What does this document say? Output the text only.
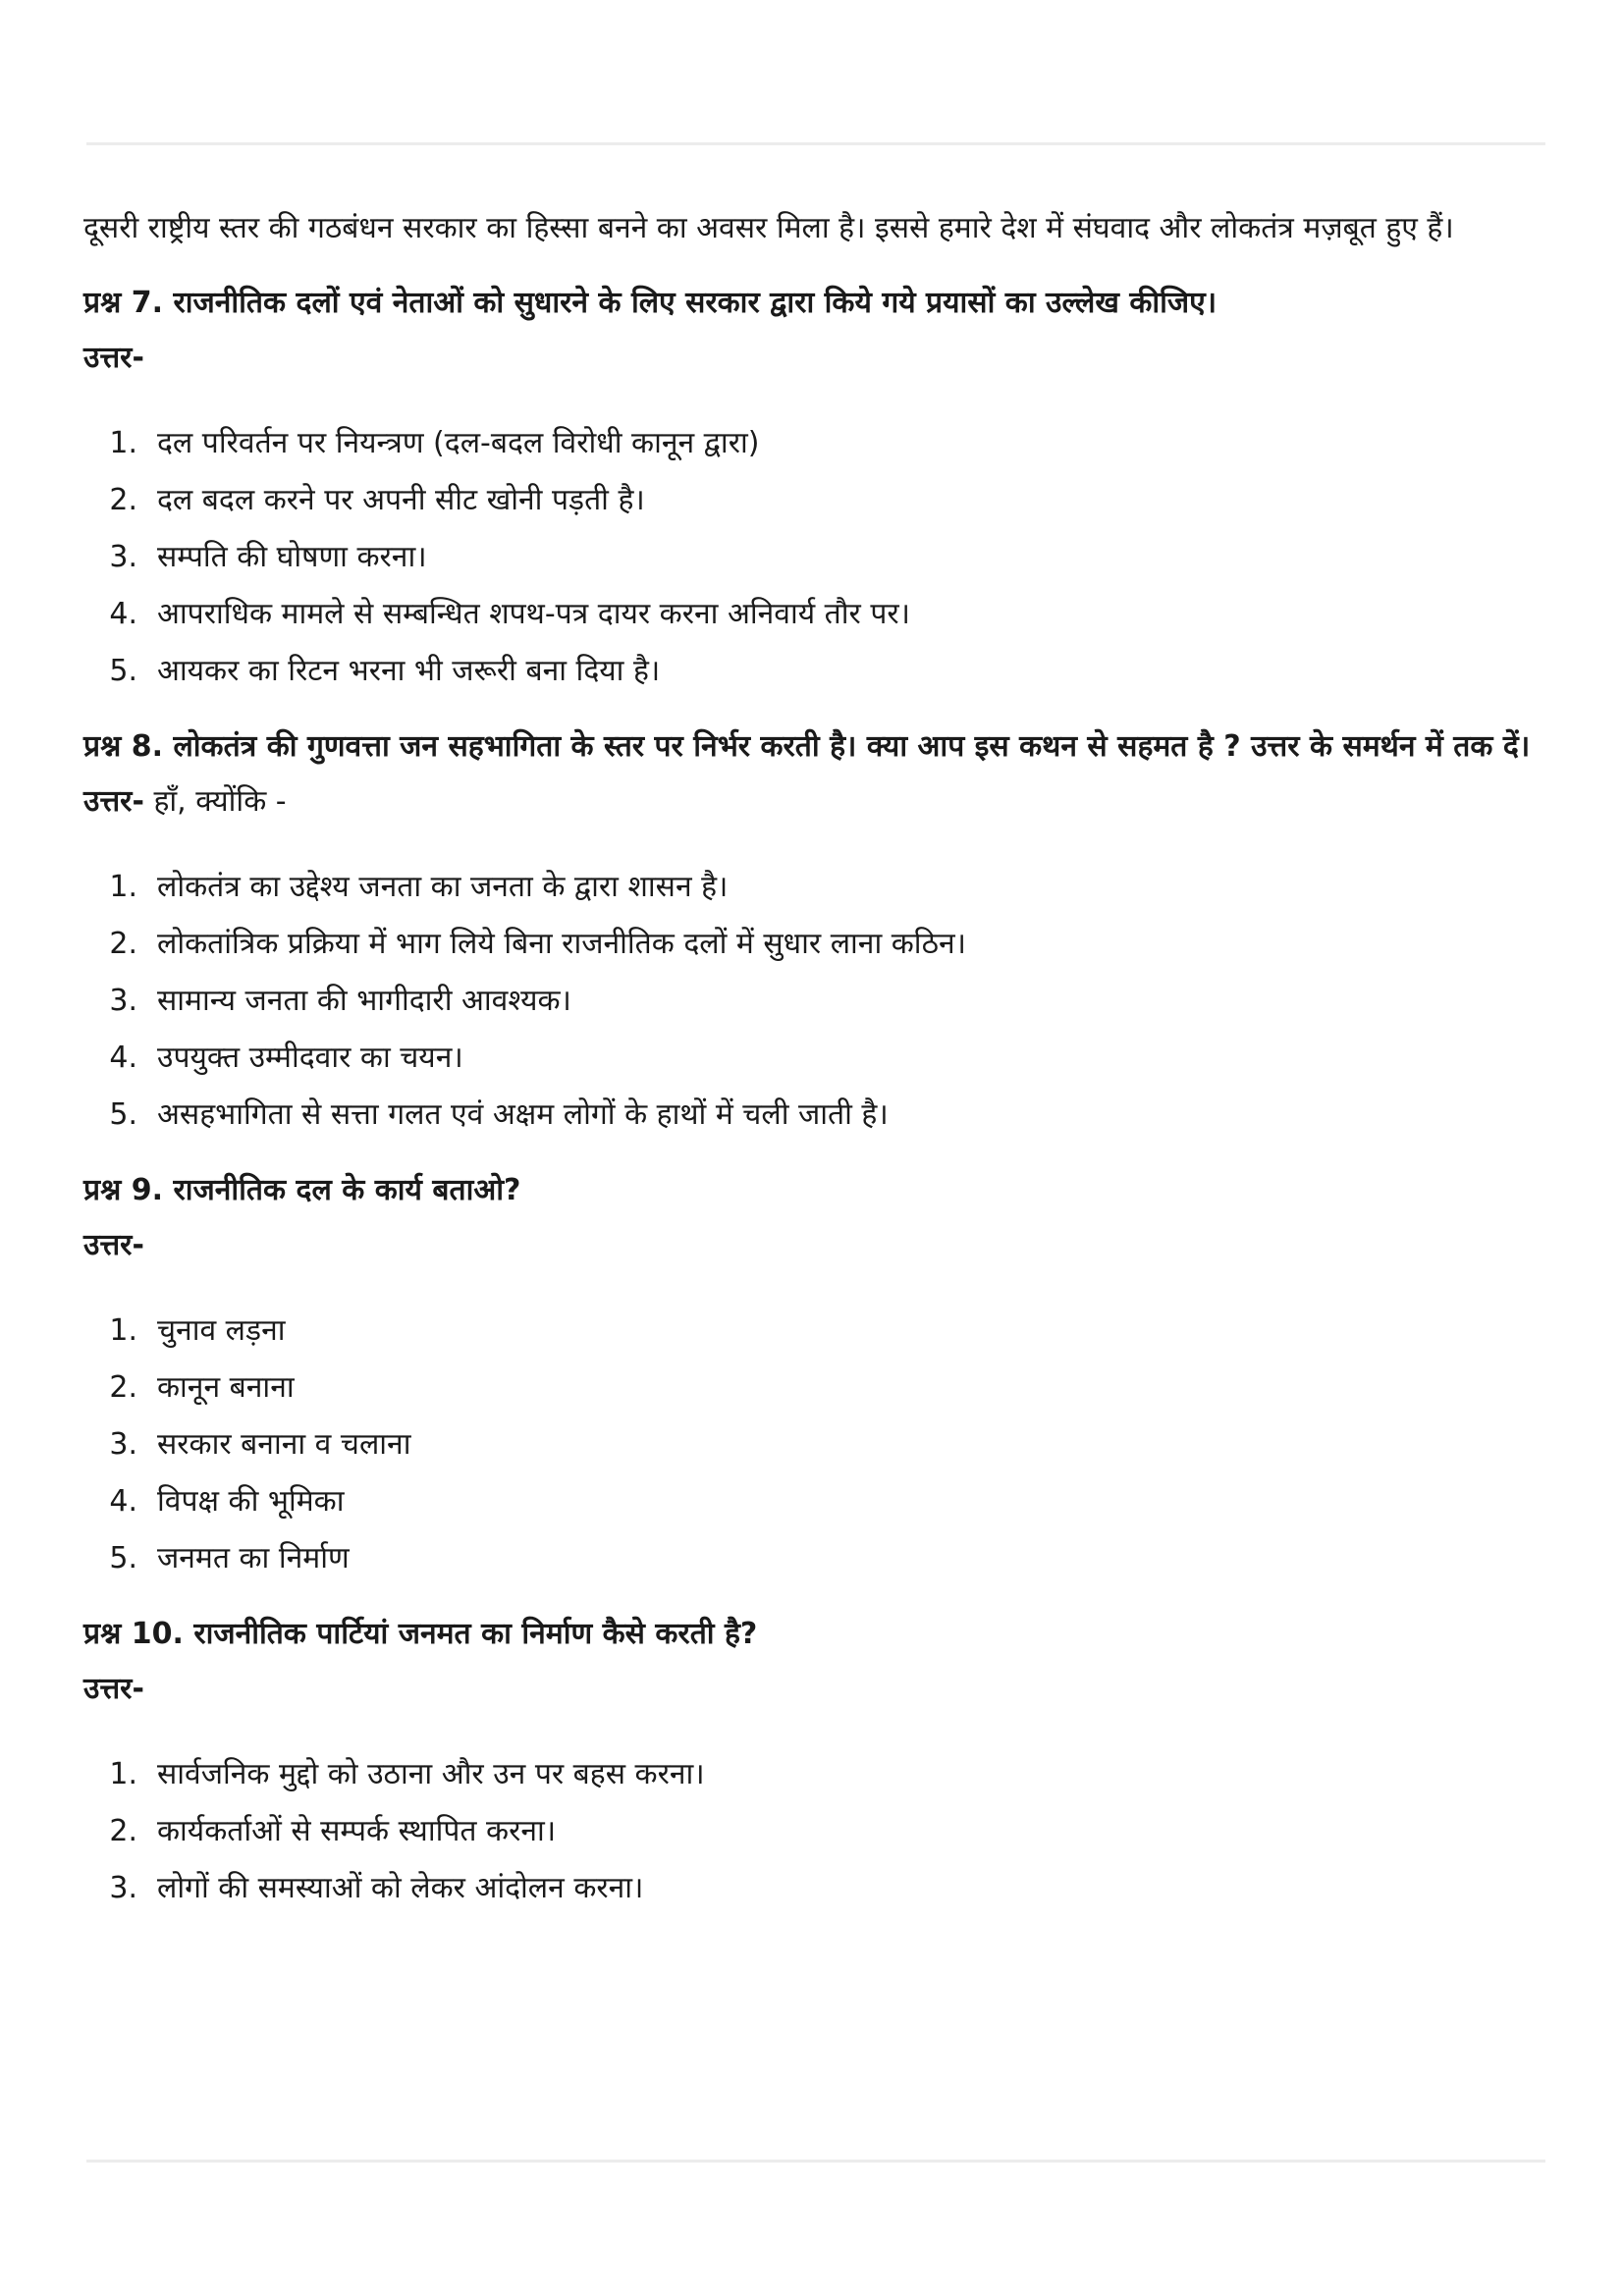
दूसरी राष्ट्रीय स्तर की गठबंधन सरकार का हिस्सा बनने का अवसर मिला है। इससे हमारे देश में संघवाद और लोकतंत्र मज़बूत हुए हैं।

प्रश्न 7. राजनीतिक दलों एवं नेताओं को सुधारने के लिए सरकार द्वारा किये गये प्रयासों का उल्लेख कीजिए।

उत्तर-

1. दल परिवर्तन पर नियन्त्रण (दल-बदल विरोधी कानून द्वारा)
2. दल बदल करने पर अपनी सीट खोनी पड़ती है।
3. सम्पति की घोषणा करना।
4. आपराधिक मामले से सम्बन्धित शपथ-पत्र दायर करना अनिवार्य तौर पर।
5. आयकर का रिटन भरना भी जरूरी बना दिया है।

प्रश्न 8. लोकतंत्र की गुणवत्ता जन सहभागिता के स्तर पर निर्भर करती है। क्या आप इस कथन से सहमत है ? उत्तर के समर्थन में तक दें।

उत्तर- हाँ, क्योंकि -

1. लोकतंत्र का उद्देश्य जनता का जनता के द्वारा शासन है।
2. लोकतांत्रिक प्रक्रिया में भाग लिये बिना राजनीतिक दलों में सुधार लाना कठिन।
3. सामान्य जनता की भागीदारी आवश्यक।
4. उपयुक्त उम्मीदवार का चयन।
5. असहभागिता से सत्ता गलत एवं अक्षम लोगों के हाथों में चली जाती है।

प्रश्न 9. राजनीतिक दल के कार्य बताओ?

उत्तर-

1. चुनाव लड़ना
2. कानून बनाना
3. सरकार बनाना व चलाना
4. विपक्ष की भूमिका
5. जनमत का निर्माण

प्रश्न 10. राजनीतिक पार्टियां जनमत का निर्माण कैसे करती है?

उत्तर-

1. सार्वजनिक मुद्दो को उठाना और उन पर बहस करना।
2. कार्यकर्ताओं से सम्पर्क स्थापित करना।
3. लोगों की समस्याओं को लेकर आंदोलन करना।
